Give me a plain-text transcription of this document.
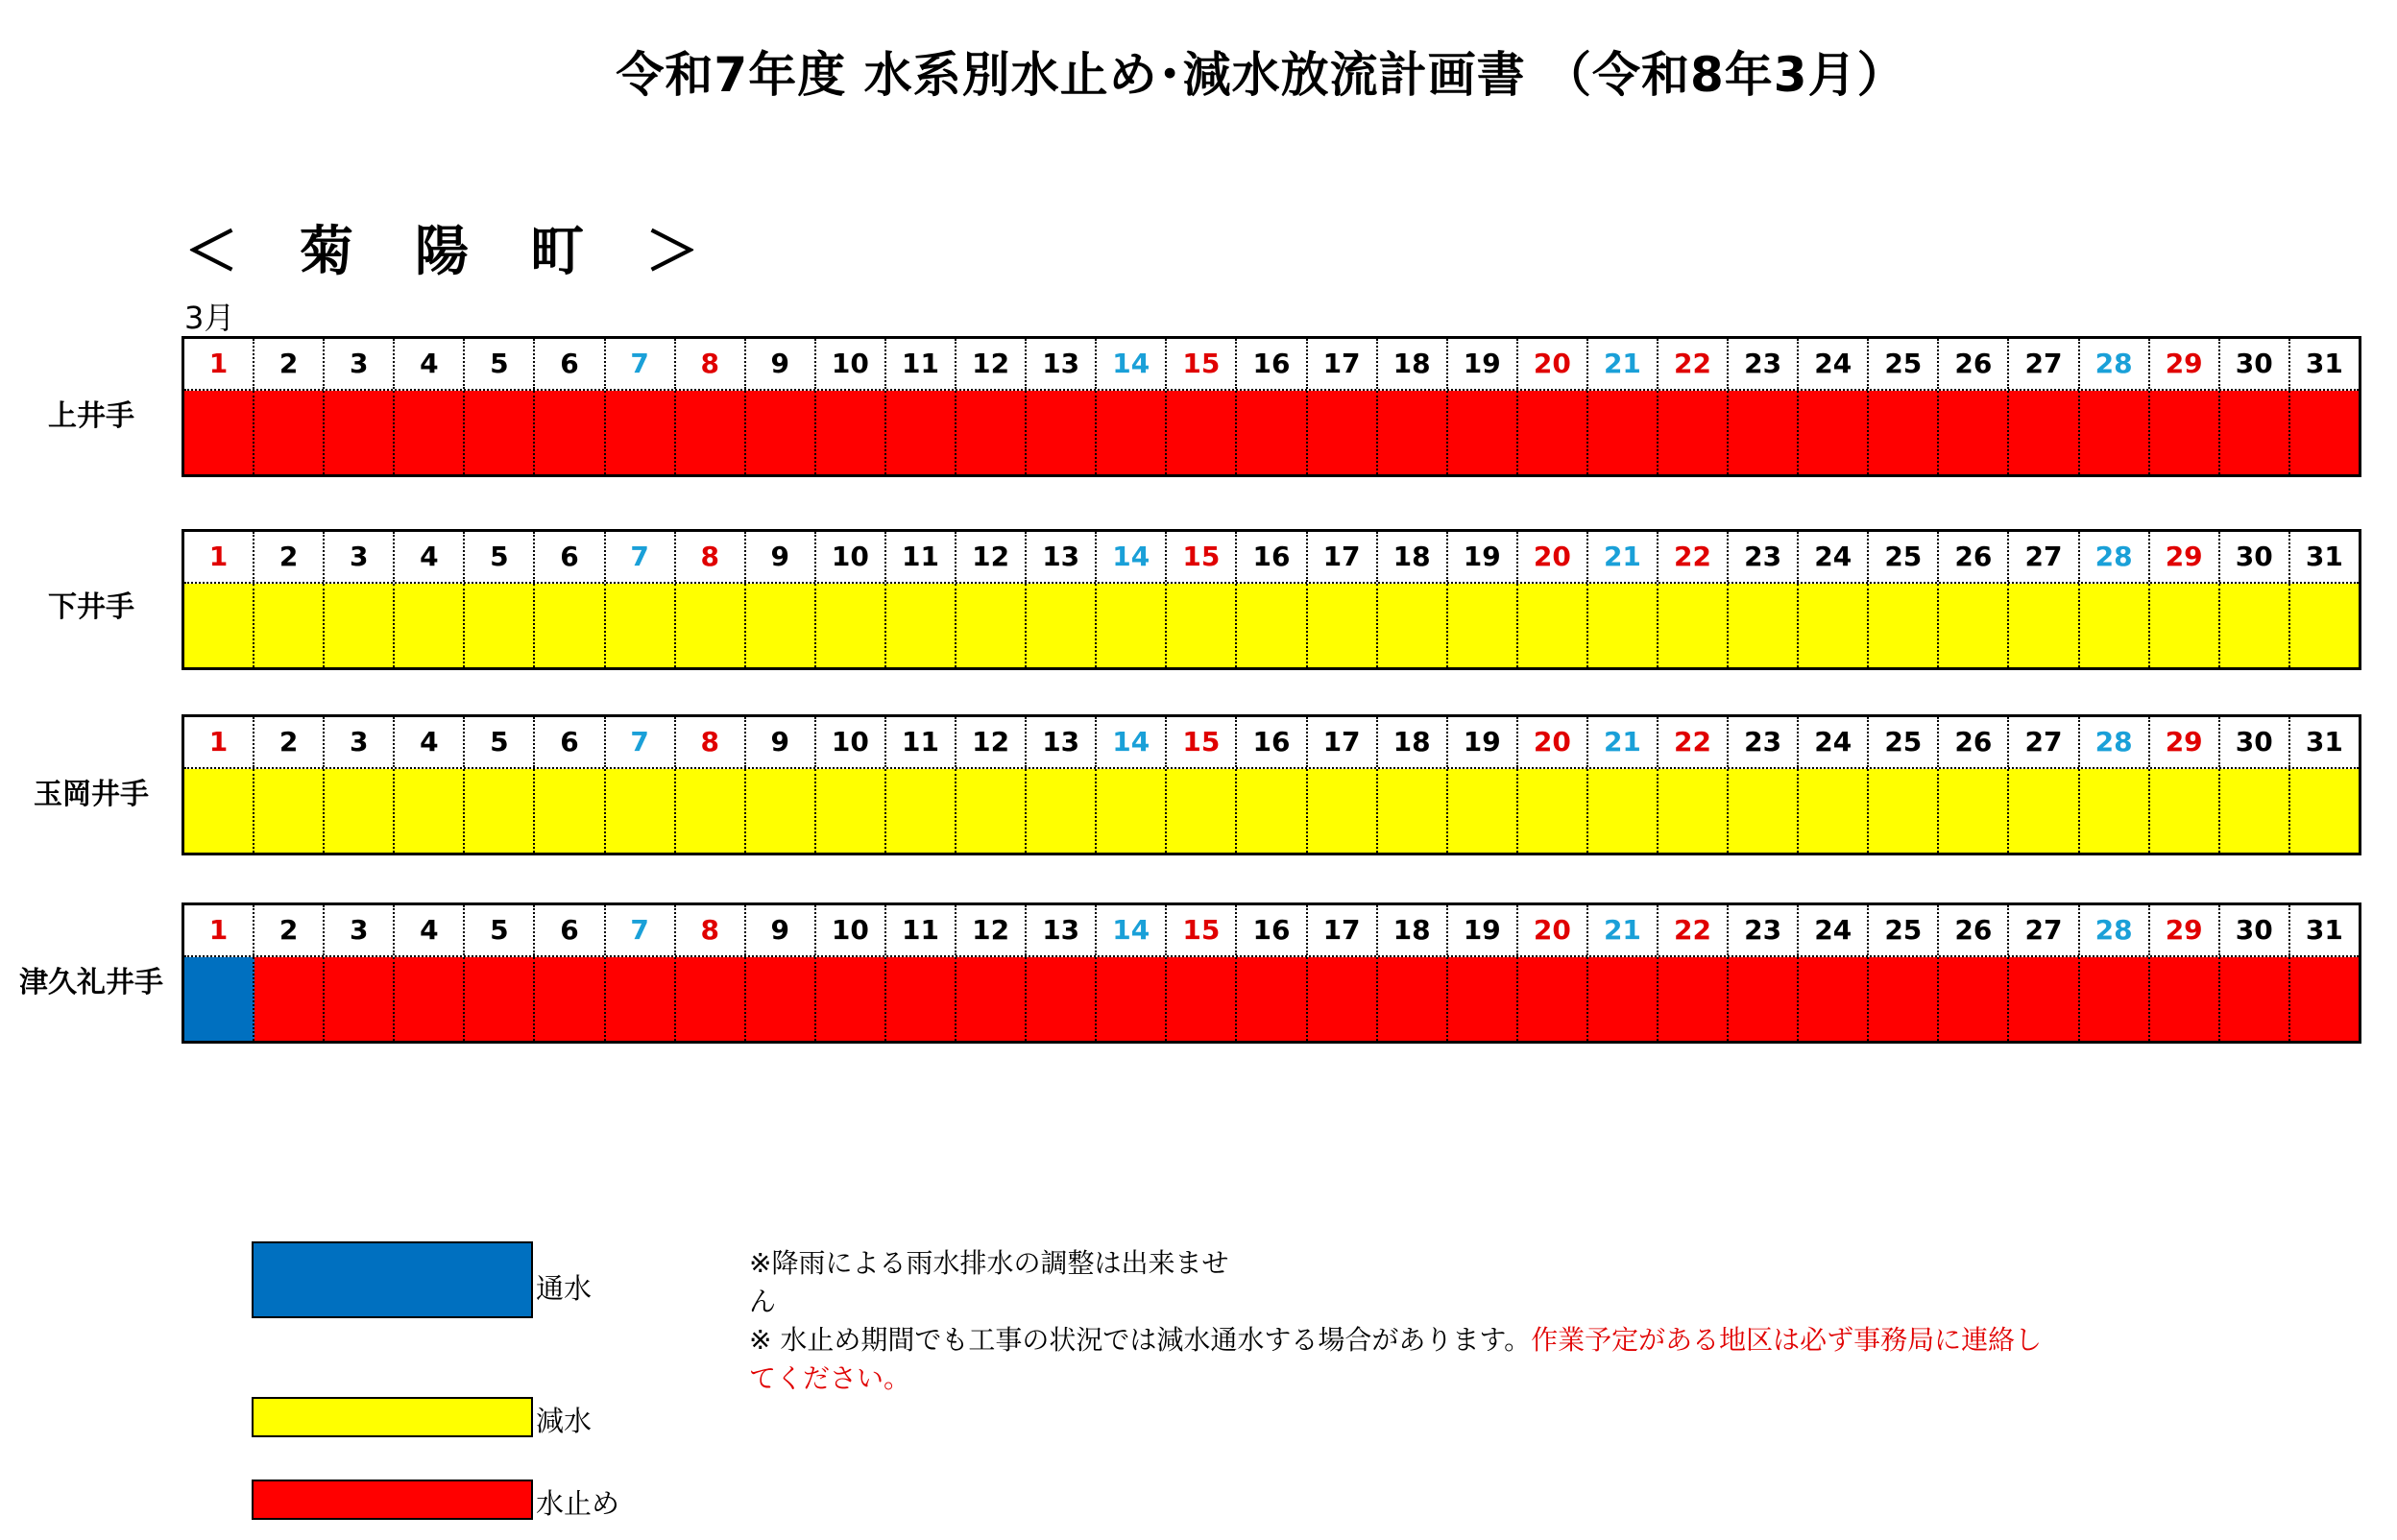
令和7年度 水系別水止め･減水放流計画書 （令和8年3月）
＜　菊　陽　町　＞
3月
上井手
1	2	3	4	5	6	7	8	9	10	11	12	13	14	15	16	17	18	19	20	21	22	23	24	25	26	27	28	29	30	31
下井手
1	2	3	4	5	6	7	8	9	10	11	12	13	14	15	16	17	18	19	20	21	22	23	24	25	26	27	28	29	30	31
玉岡井手
1	2	3	4	5	6	7	8	9	10	11	12	13	14	15	16	17	18	19	20	21	22	23	24	25	26	27	28	29	30	31
津久礼井手
1	2	3	4	5	6	7	8	9	10	11	12	13	14	15	16	17	18	19	20	21	22	23	24	25	26	27	28	29	30	31
通水
減水
水止め
※降雨による雨水排水の調整は出来ませ
ん
※ 水止め期間でも工事の状況では減水通水する場合があります。作業予定がある地区は必ず事務局に連絡し
てください。
